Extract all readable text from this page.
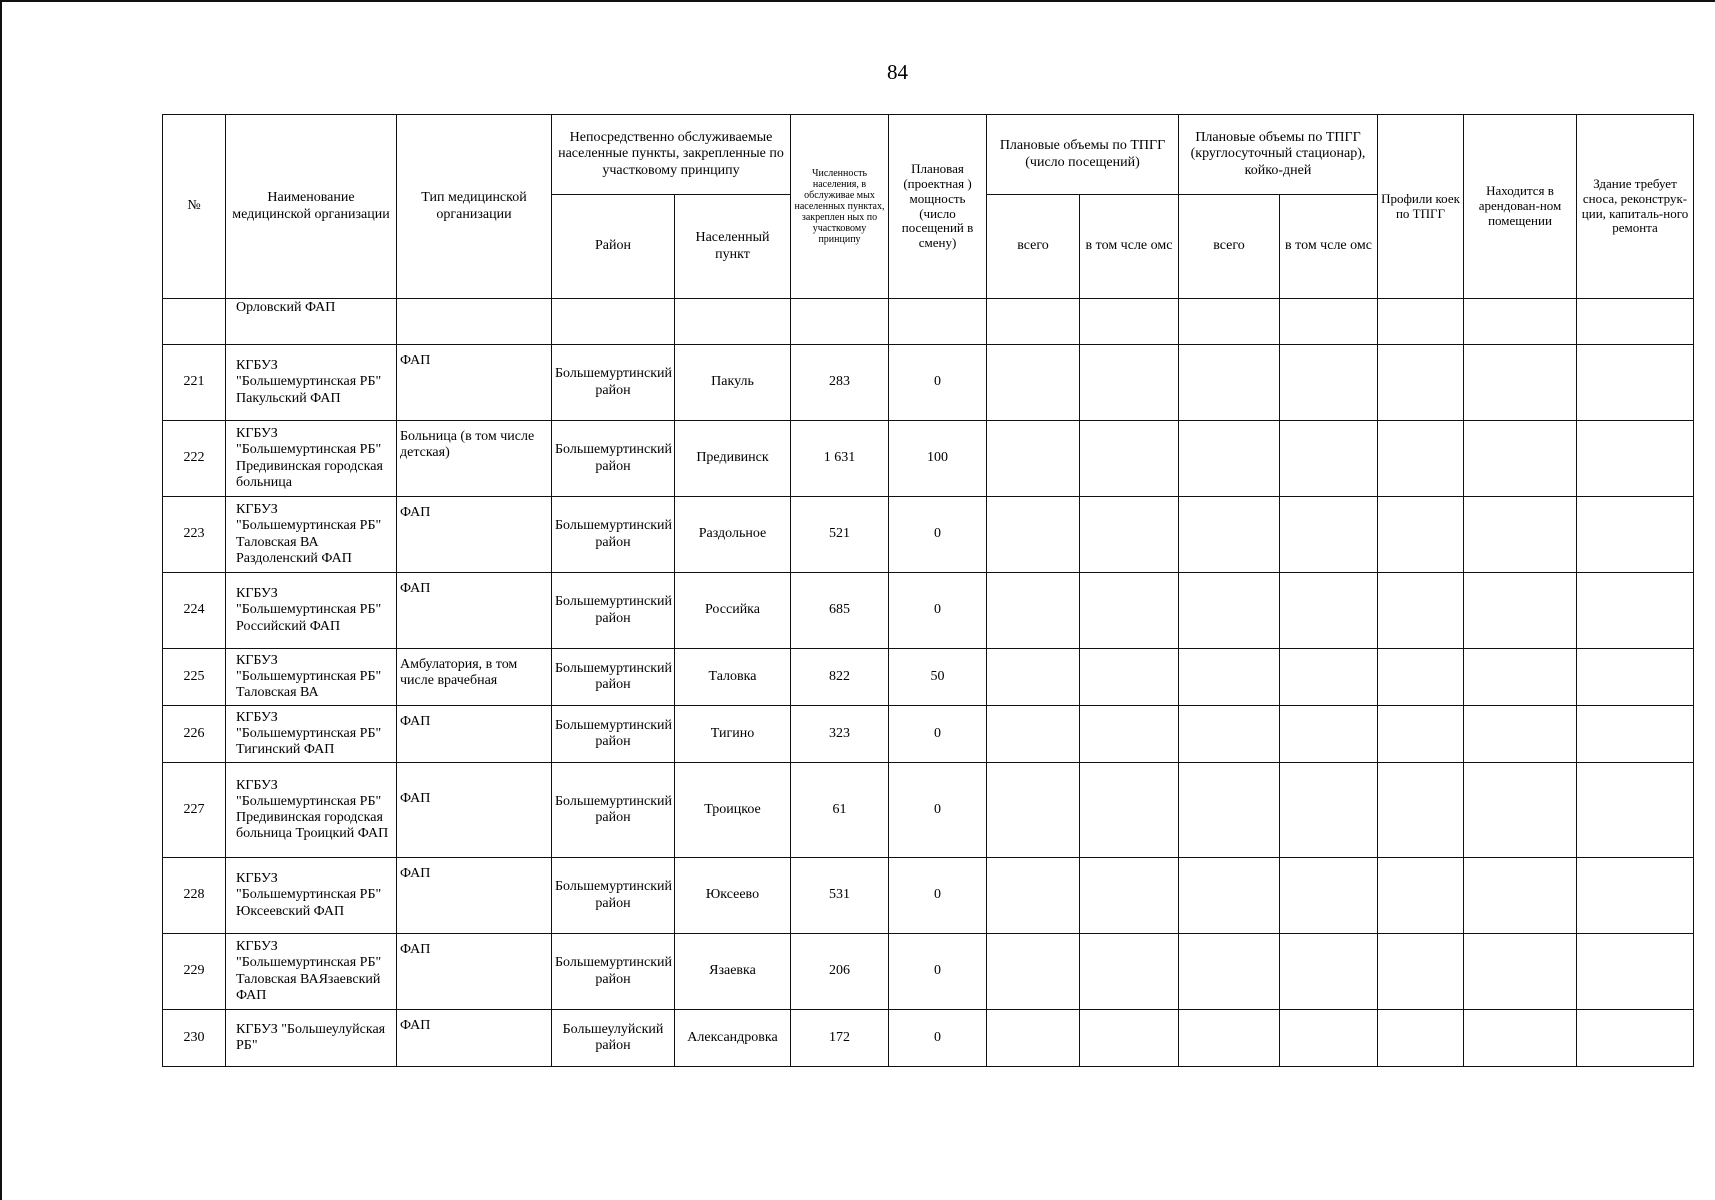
84
№	Наименование медицинской организации	Тип медицинской организации	Непосредственно обслуживаемые населенные пункты, закрепленные по участковому принципу		Численность населения, в обслуживае мых населенных пунктах, закреплен ных по участковому принципу	Плановая (проектная ) мощность (число посещений в смену)	Плановые объемы по ТПГГ (число посещений)		Плановые объемы по ТПГГ (круглосуточный стационар), койко-дней		Профили коек по ТПГГ	Находится в арендован-ном помещении	Здание требует сноса, реконструк-ции, капиталь-ного ремонта
			Район	Населенный пункт			всего	в том чсле омс	всего	в том чсле омс			
	Орловский ФАП												
221	КГБУЗ "Большемуртинская РБ" Пакульский ФАП	ФАП	Большемуртинский район	Пакуль	283	0							
222	КГБУЗ "Большемуртинская РБ" Предивинская городская больница	Больница (в том числе детская)	Большемуртинский район	Предивинск	1 631	100							
223	КГБУЗ "Большемуртинская РБ" Таловская ВА Раздоленский ФАП	ФАП	Большемуртинский район	Раздольное	521	0							
224	КГБУЗ "Большемуртинская РБ" Российский ФАП	ФАП	Большемуртинский район	Российка	685	0							
225	КГБУЗ "Большемуртинская РБ" Таловская ВА	Амбулатория, в том числе врачебная	Большемуртинский район	Таловка	822	50							
226	КГБУЗ "Большемуртинская РБ" Тигинский ФАП	ФАП	Большемуртинский район	Тигино	323	0							
227	КГБУЗ "Большемуртинская РБ" Предивинская городская больница Троицкий ФАП	ФАП	Большемуртинский район	Троицкое	61	0							
228	КГБУЗ "Большемуртинская РБ" Юксеевский ФАП	ФАП	Большемуртинский район	Юксеево	531	0							
229	КГБУЗ "Большемуртинская РБ" Таловская ВАЯзаевский ФАП	ФАП	Большемуртинский район	Язаевка	206	0							
230	КГБУЗ "Большеулуйская РБ"	ФАП	Большеулуйский район	Александровка	172	0							
